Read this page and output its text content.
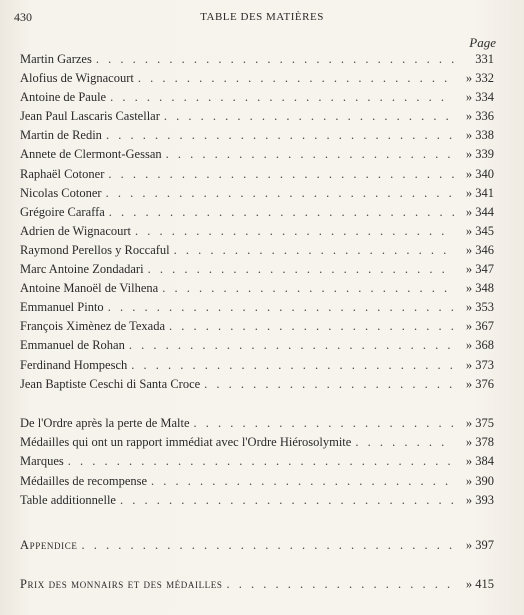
430	TABLE DES MATIÈRES
Page
Martin Garzes . . .	331
Alofius de Wignacourt . . .	» 332
Antoine de Paule . . .	» 334
Jean Paul Lascaris Castellar . . .	» 336
Martin de Redin . . .	» 338
Annete de Clermont-Gessan . . .	» 339
Raphaël Cotoner . . .	» 340
Nicolas Cotoner . . .	» 341
Grégoire Caraffa . . .	» 344
Adrien de Wignacourt . . .	» 345
Raymond Perellos y Roccaful . . .	» 346
Marc Antoine Zondadari . . .	» 347
Antoine Manoël de Vilhena . . .	» 348
Emmanuel Pinto . . .	» 353
François Ximènez de Texada . . .	» 367
Emmanuel de Rohan . . .	» 368
Ferdinand Hompesch . . .	» 373
Jean Baptiste Ceschi di Santa Croce . . .	» 376
De l'Ordre après la perte de Malte . . .	» 375
Médailles qui ont un rapport immédiat avec l'Ordre Hiérosolymite . . .	» 378
Marques . . .	» 384
Médailles de recompense . . .	» 390
Table additionnelle . . .	» 393
Appendice . . .	» 397
Prix des monnairs et des médailles . . .	» 415
